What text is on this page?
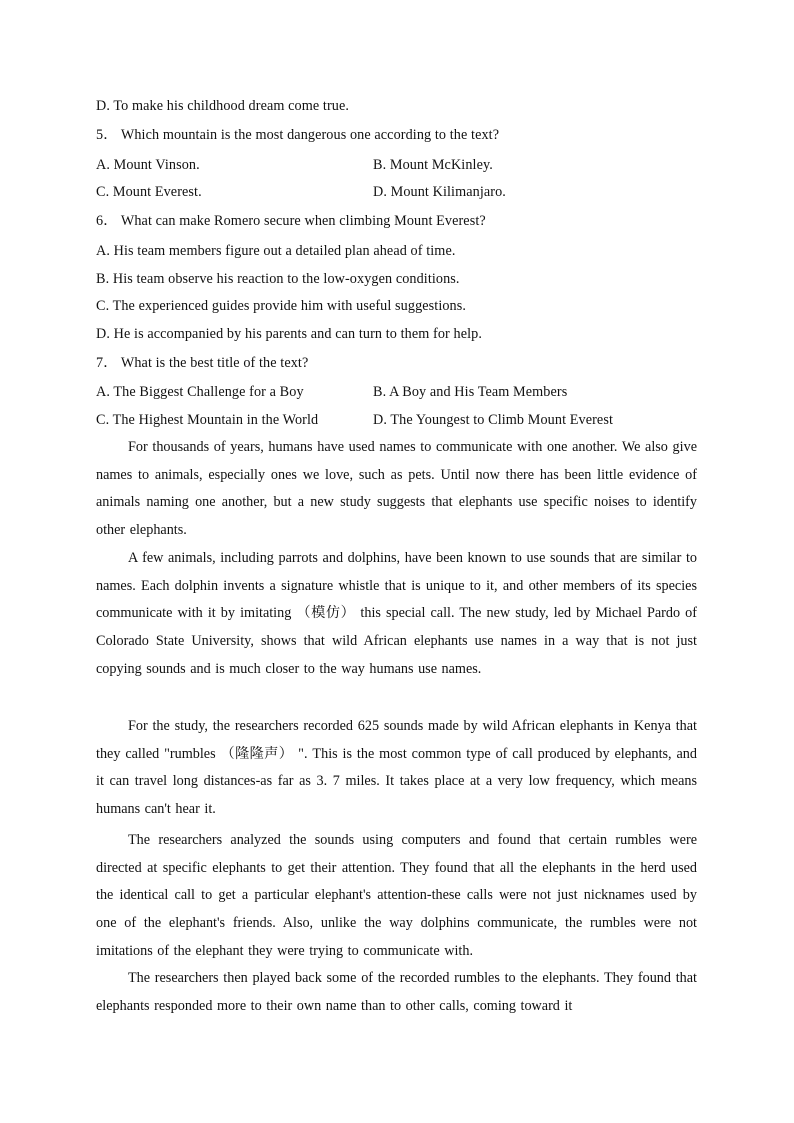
D. To make his childhood dream come true.
5． Which mountain is the most dangerous one according to the text?
A. Mount Vinson.	B. Mount McKinley.
C. Mount Everest.	D. Mount Kilimanjaro.
6． What can make Romero secure when climbing Mount Everest?
A. His team members figure out a detailed plan ahead of time.
B. His team observe his reaction to the low-oxygen conditions.
C. The experienced guides provide him with useful suggestions.
D. He is accompanied by his parents and can turn to them for help.
7． What is the best title of the text?
A. The Biggest Challenge for a Boy	B. A Boy and His Team Members
C. The Highest Mountain in the World	D. The Youngest to Climb Mount Everest

For thousands of years, humans have used names to communicate with one another. We also give names to animals, especially ones we love, such as pets. Until now there has been little evidence of animals naming one another, but a new study suggests that elephants use specific noises to identify other elephants.

A few animals, including parrots and dolphins, have been known to use sounds that are similar to names. Each dolphin invents a signature whistle that is unique to it, and other members of its species communicate with it by imitating （模仿） this special call. The new study, led by Michael Pardo of Colorado State University, shows that wild African elephants use names in a way that is not just copying sounds and is much closer to the way humans use names.

For the study, the researchers recorded 625 sounds made by wild African elephants in Kenya that they called "rumbles （隆隆声） ". This is the most common type of call produced by elephants, and it can travel long distances-as far as 3. 7 miles. It takes place at a very low frequency, which means humans can't hear it.

The researchers analyzed the sounds using computers and found that certain rumbles were directed at specific elephants to get their attention. They found that all the elephants in the herd used the identical call to get a particular elephant's attention-these calls were not just nicknames used by one of the elephant's friends. Also, unlike the way dolphins communicate, the rumbles were not imitations of the elephant they were trying to communicate with.

The researchers then played back some of the recorded rumbles to the elephants. They found that elephants responded more to their own name than to other calls, coming toward it
